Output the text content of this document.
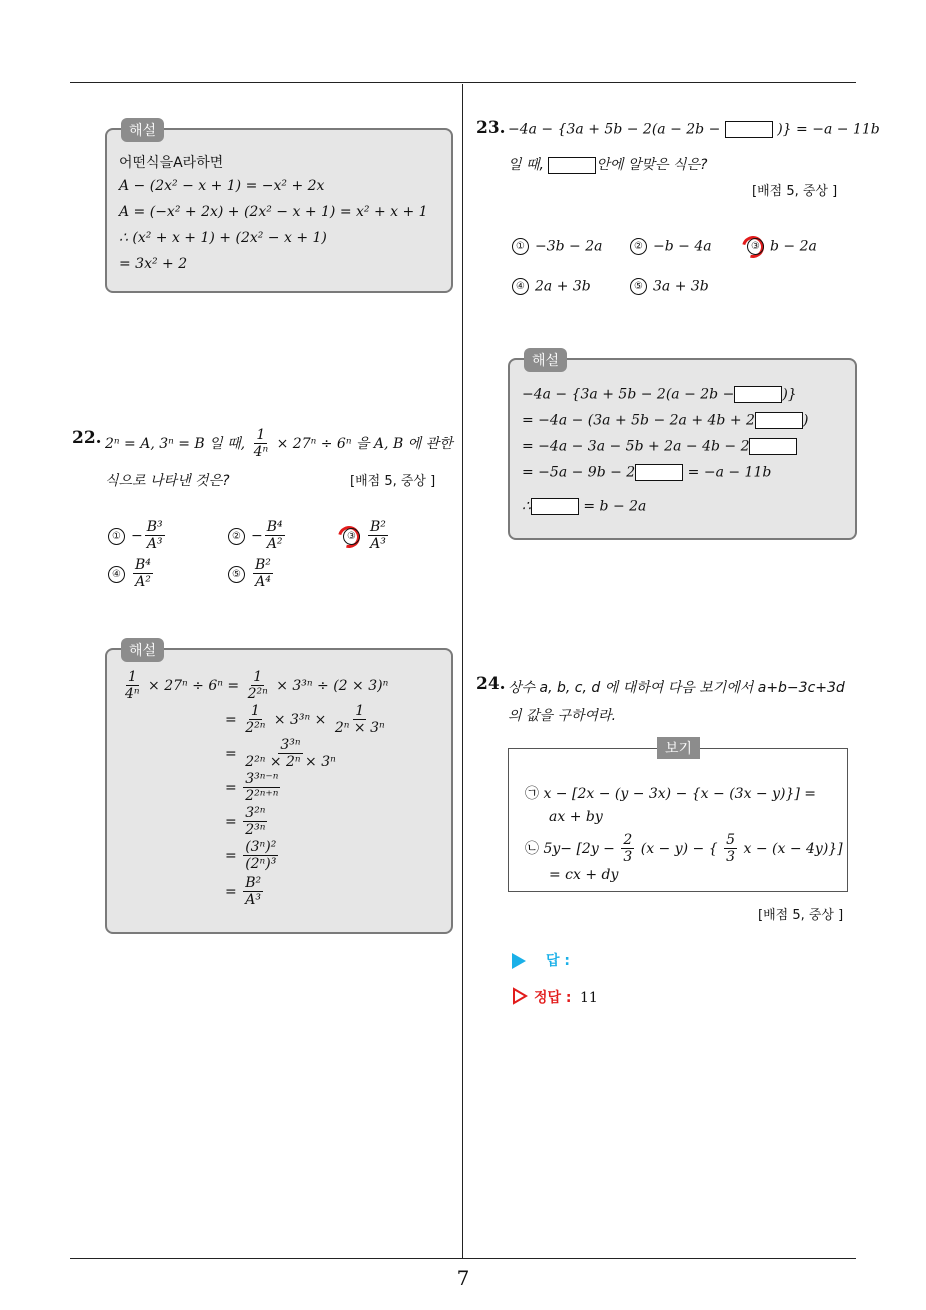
7
해설
어떤식을A라하면
A − (2x² − x + 1) = −x² + 2x
A = (−x² + 2x) + (2x² − x + 1) = x² + x + 1
∴ (x² + x + 1) + (2x² − x + 1)
= 3x² + 2
22. 2ⁿ = A, 3ⁿ = B 일 때, $\frac{1}{\text{4ⁿ}} \times 27^n \div 6^n$ 을 A, B 에 관한
식으로 나타낸 것은?	[배점 5, 중상 ]
① − $\frac{\text{B³}}{\text{A³}}$	② − $\frac{\text{B⁴}}{\text{A²}}$	③ $\frac{\text{B²}}{\text{A³}}$
④ $\frac{\text{B⁴}}{\text{A²}}$	⑤ $\frac{\text{B²}}{\text{A⁴}}$
해설
$\frac{1}{\text{4ⁿ}} \times 27^n \div 6^n = \frac{1}{\text{2²ⁿ}} \times 3^{3n} \div (2 \times 3)^n$
= $\frac{1}{\text{2²ⁿ}} \times 3^{3n} \times \frac{1}{\text{2ⁿ × 3ⁿ}}$
= $\frac{\text{3³ⁿ}}{\text{2²ⁿ × 2ⁿ × 3ⁿ}}$
= $\frac{\text{3³ⁿ⁻ⁿ}}{\text{2²ⁿ⁺ⁿ}}$
= $\frac{\text{3²ⁿ}}{\text{2³ⁿ}}$
= $\frac{\text{(3ⁿ)²}}{\text{(2ⁿ)³}}$
= $\frac{\text{B²}}{\text{A³}}$
23. −4a − {3a + 5b − 2(a − 2b −	)} = −a − 11b
일 때,	안에 알맞은 식은?
[배점 5, 중상 ]
① −3b − 2a	② −b − 4a	③ b − 2a
④ 2a + 3b	⑤ 3a + 3b
해설
−4a − {3a + 5b − 2(a − 2b −	)}
= −4a − (3a + 5b − 2a + 4b + 2	)
= −4a − 3a − 5b + 2a − 4b − 2
= −5a − 9b − 2	= −a − 11b
∴	= b − 2a
24. 상수 a, b, c, d 에 대하여 다음 보기에서 a+b−3c+3d
의 값을 구하여라.
보기
㉠ x − [2x − (y − 3x) − {x − (3x − y)}] =
ax + by
㉡ $5y- [2y - \frac{2}{3} (x - y)$ − { $\frac{5}{3}$ x − (x − 4y)}]
= cx + dy
[배점 5, 중상 ]
답 :
정답 : 11
